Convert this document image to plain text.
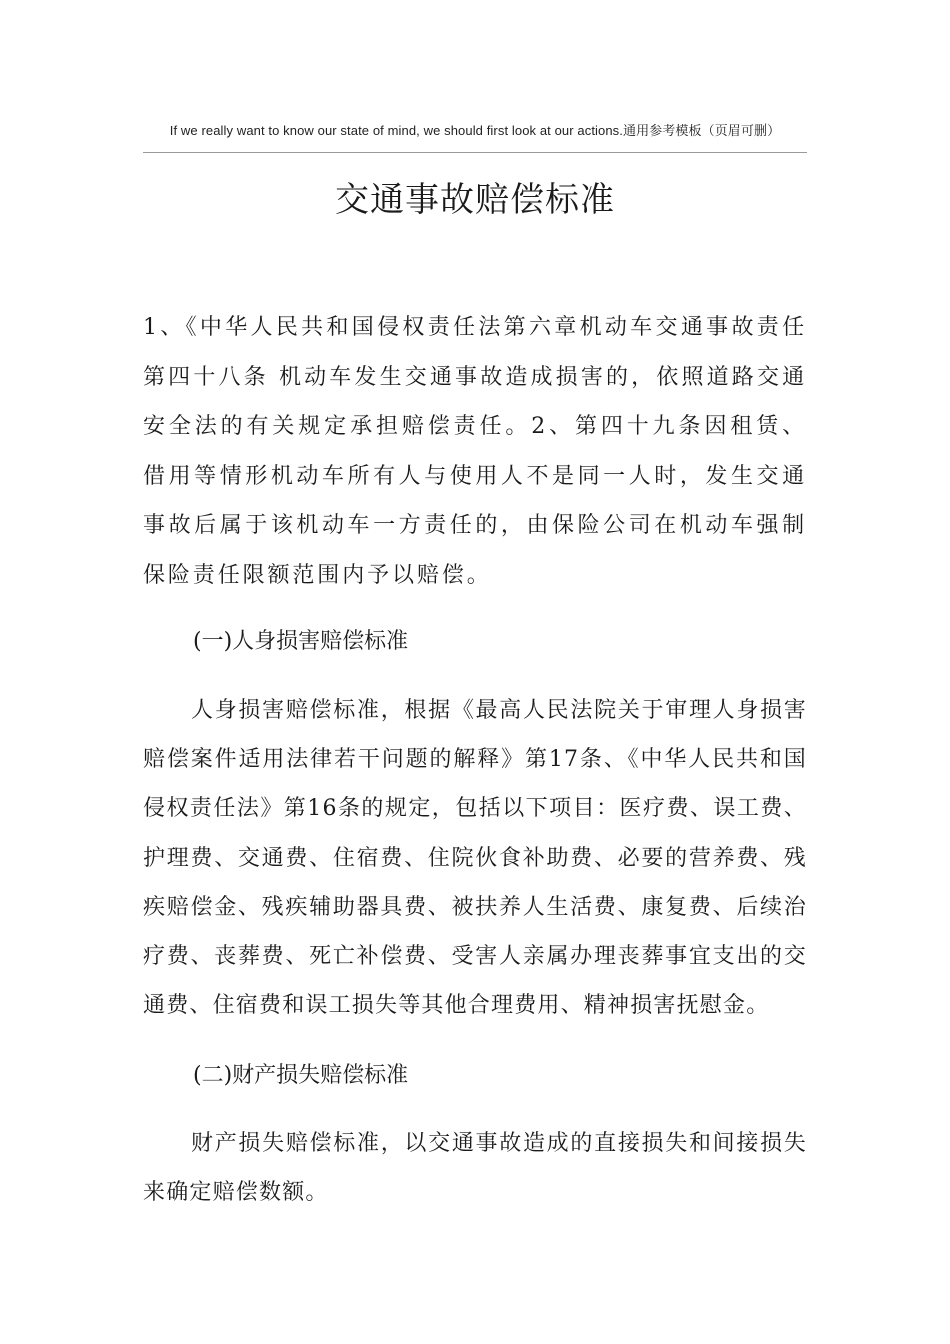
If we really want to know our state of mind, we should first look at our actions.通用参考模板（页眉可删）
交通事故赔偿标准

1、《中华人民共和国侵权责任法第六章机动车交通事故责任第四十八条 机动车发生交通事故造成损害的，依照道路交通安全法的有关规定承担赔偿责任。2、第四十九条因租赁、借用等情形机动车所有人与使用人不是同一人时，发生交通事故后属于该机动车一方责任的，由保险公司在机动车强制保险责任限额范围内予以赔偿。

(一)人身损害赔偿标准

人身损害赔偿标准，根据《最高人民法院关于审理人身损害赔偿案件适用法律若干问题的解释》第17条、《中华人民共和国侵权责任法》第16条的规定，包括以下项目：医疗费、误工费、护理费、交通费、住宿费、住院伙食补助费、必要的营养费、残疾赔偿金、残疾辅助器具费、被扶养人生活费、康复费、后续治疗费、丧葬费、死亡补偿费、受害人亲属办理丧葬事宜支出的交通费、住宿费和误工损失等其他合理费用、精神损害抚慰金。

(二)财产损失赔偿标准

财产损失赔偿标准，以交通事故造成的直接损失和间接损失来确定赔偿数额。
